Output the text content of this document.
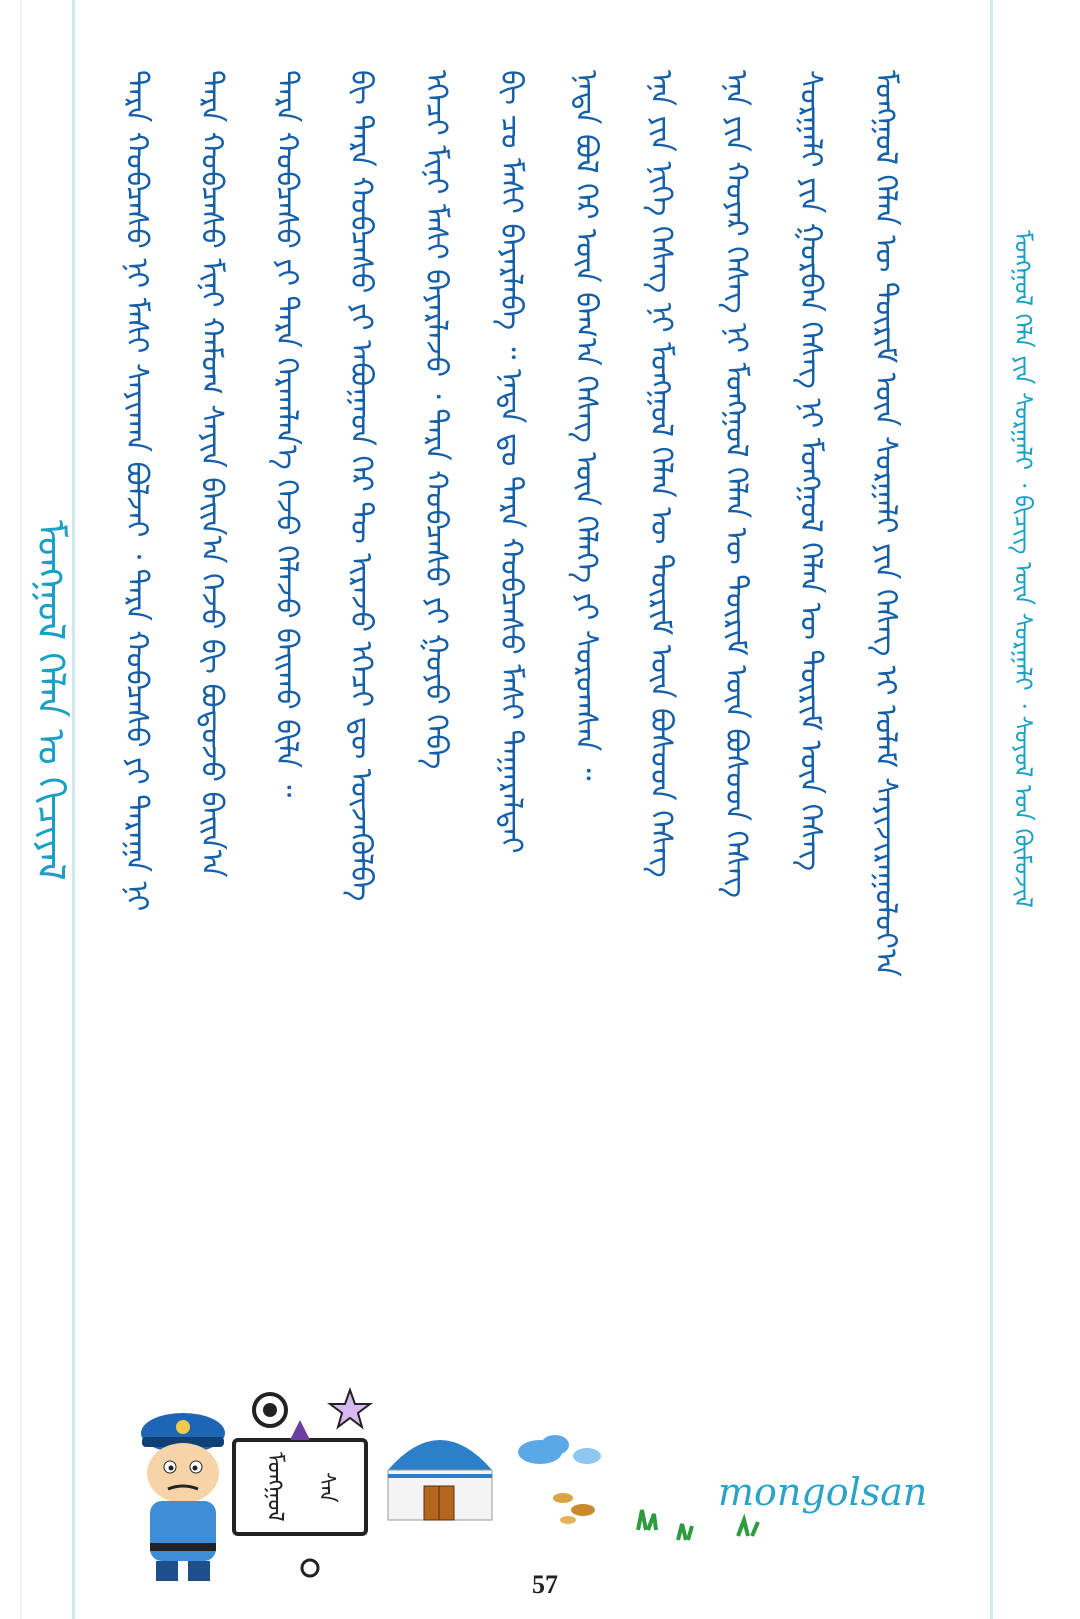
ᠮᠣᠩᠭᠣᠯ ᠬᠡᠯᠡᠨ ᠤ ᠬᠢᠴᠢᠶᠡᠯ	ᠲᠡᠷᠡ ᠬᠤᠪᠴᠠᠰᠤ ᠨᠢ ᠮᠠᠰᠢ ᠰᠠᠶᠢᠬᠠᠨ ᠪᠣᠯᠵᠠᠢ ᠂ ᠲᠡᠷᠡ ᠬᠤᠪᠴᠠᠰᠤ ᠶᠢ ᠳᠠᠷᠠᠭᠠ ᠨᠢ	ᠲᠡᠷᠡ ᠬᠤᠪᠴᠠᠰᠤ ᠮᠢᠨᠢ ᠬᠠᠮᠤᠭ ᠰᠠᠶᠢᠨ ᠪᠠᠢᠨ᠎ᠠ ᠭᠡᠵᠦ ᠪᠢ ᠪᠣᠳᠣᠵᠤ ᠪᠠᠢᠨ᠎ᠠ	ᠲᠡᠷᠡ ᠬᠤᠪᠴᠠᠰᠤ ᠶᠢ ᠲᠡᠷᠡ ᠬᠡᠷᠡᠭ᠍ᠯᠡᠨ᠎ᠡ ᠭᠡᠵᠦ ᠬᠡᠯᠡᠵᠦ ᠪᠠᠢᠬᠤ ᠪᠢᠯᠡ ᠃	ᠪᠢ ᠲᠡᠷᠡ ᠬᠤᠪᠴᠠᠰᠤ ᠶᠢ ᠠᠪᠤᠭᠠᠳ ᠭᠡᠷ ᠲᠦ ᠢᠷᠡᠵᠦ ᠡᠭᠡᠴᠢ ᠳᠦ ᠦᠵᠡᠭᠦᠯᠪᠡ	ᠡᠭᠡᠴᠢ ᠮᠢᠨᠢ ᠮᠠᠰᠢ ᠪᠠᠶᠠᠷᠯᠠᠵᠤ ᠂ ᠲᠡᠷᠡ ᠬᠤᠪᠴᠠᠰᠤ ᠶᠢ ᠭᠣᠶᠣ ᠭᠡᠪᠡ	ᠪᠢ ᠴᠤ ᠮᠠᠰᠢ ᠪᠠᠶᠠᠷᠯᠠᠪᠠ ᠃ ᠨᠠᠳᠠ ᠳᠤ ᠲᠡᠷᠡ ᠬᠤᠪᠴᠠᠰᠤ ᠮᠠᠰᠢ ᠲᠠᠭᠠᠷᠠᠯᠲᠠᠢ	ᠨᠠᠳᠠ ᠪᠣᠯ ᠭᠡᠷ ᠦᠨ ᠪᠠᠭ᠎ᠠ ᠬᠡᠰᠡᠭ ᠦᠨ ᠬᠡᠯᠡᠭᠡ ᠶᠢ ᠰᠤᠷᠤᠭᠰᠠᠨ ᠃	ᠡᠨᠡ ᠶᠢᠨ ᠨᠢᠭᠡ ᠬᠡᠰᠡᠭ ᠨᠢ ᠮᠣᠩᠭᠣᠯ ᠬᠡᠯᠡᠨ ᠦ ᠳᠦᠷᠢᠮ ᠦᠨ ᠪᠤᠰᠤᠳ ᠬᠡᠰᠡᠭ	ᠡᠨᠡ ᠶᠢᠨ ᠬᠣᠶᠠᠷ ᠬᠡᠰᠡᠭ ᠨᠢ ᠮᠣᠩᠭᠣᠯ ᠬᠡᠯᠡᠨ ᠦ ᠳᠦᠷᠢᠮ ᠦᠨ ᠪᠤᠰᠤᠳ ᠬᠡᠰᠡᠭ	ᠰᠤᠷᠭᠠᠯᠢ ᠶᠢᠨ ᠭᠤᠷᠪᠠᠨ ᠬᠡᠰᠡᠭ ᠨᠢ ᠮᠣᠩᠭᠣᠯ ᠬᠡᠯᠡᠨ ᠦ ᠳᠦᠷᠢᠮ ᠦᠨ ᠬᠡᠰᠡᠭ	ᠮᠣᠩᠭᠣᠯ ᠬᠡᠯᠡᠨ ᠦ ᠳᠦᠷᠢᠮ ᠦᠨ ᠰᠤᠷᠭᠠᠯᠢ ᠶᠢᠨ ᠬᠡᠰᠡᠭ ᠢ ᠤᠯᠠᠮ ᠰᠠᠶᠢᠵᠢᠷᠠᠭᠤᠯᠤᠶ᠎ᠠ	ᠮᠣᠩᠭᠣᠯ ᠬᠡᠯᠡ ᠶᠢᠨ ᠰᠤᠷᠭᠠᠯᠢ ᠂ ᠪᠢᠴᠢᠭ ᠦᠨ ᠰᠤᠷᠭᠠᠯᠢ ᠂ ᠰᠤᠶᠤᠯ ᠤᠨ ᠬᠦᠮᠦᠵᠢᠯ
ᠮᠣᠩᠭᠣᠯ	ᠰᠠᠨ
57
mongolsan
